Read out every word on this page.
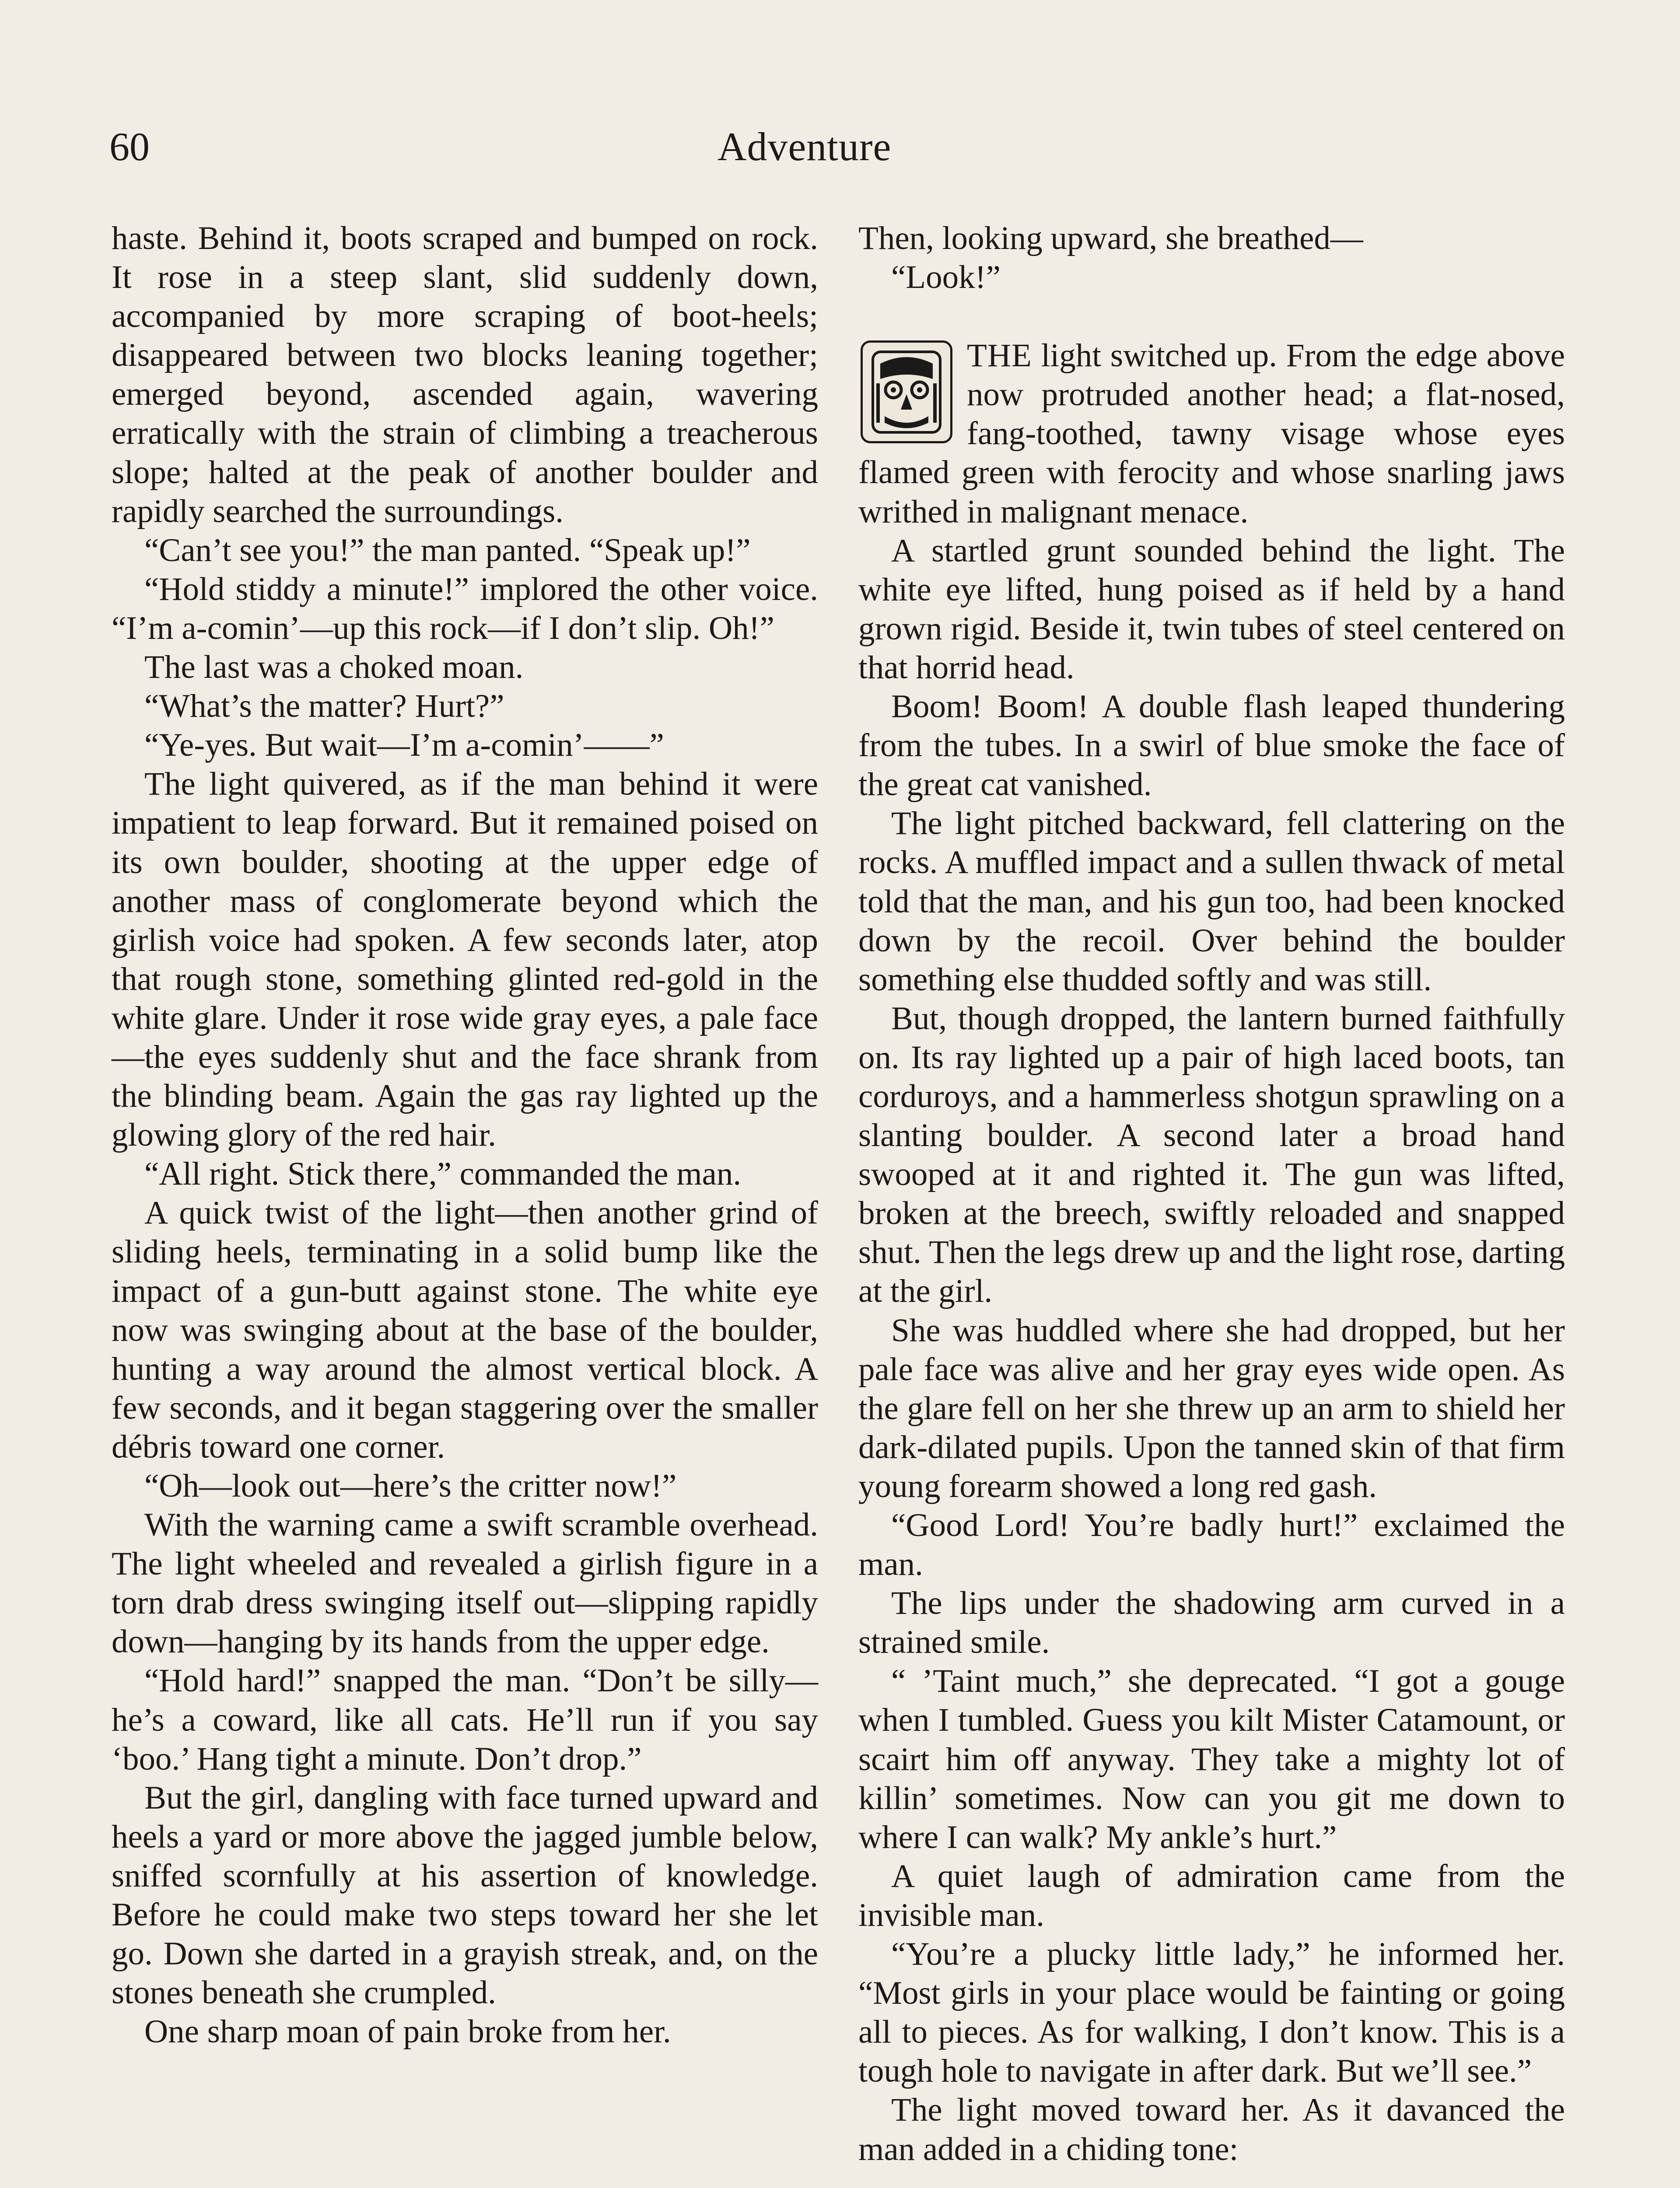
60	Adventure

haste. Behind it, boots scraped and bumped on rock. It rose in a steep slant, slid suddenly down, accompanied by more scraping of boot-heels; disappeared between two blocks leaning together; emerged beyond, ascended again, wavering erratically with the strain of climbing a treacherous slope; halted at the peak of another boulder and rapidly searched the surroundings.

“Can’t see you!” the man panted. “Speak up!”

“Hold stiddy a minute!” implored the other voice. “I’m a-comin’—up this rock—if I don’t slip. Oh!”

The last was a choked moan.

“What’s the matter? Hurt?”

“Ye-yes. But wait—I’m a-comin’——”

The light quivered, as if the man behind it were impatient to leap forward. But it remained poised on its own boulder, shooting at the upper edge of another mass of conglomerate beyond which the girlish voice had spoken. A few seconds later, atop that rough stone, something glinted red-gold in the white glare. Under it rose wide gray eyes, a pale face—the eyes suddenly shut and the face shrank from the blinding beam. Again the gas ray lighted up the glowing glory of the red hair.

“All right. Stick there,” commanded the man.

A quick twist of the light—then another grind of sliding heels, terminating in a solid bump like the impact of a gun-butt against stone. The white eye now was swinging about at the base of the boulder, hunting a way around the almost vertical block. A few seconds, and it began staggering over the smaller débris toward one corner.

“Oh—look out—here’s the critter now!”

With the warning came a swift scramble overhead. The light wheeled and revealed a girlish figure in a torn drab dress swinging itself out—slipping rapidly down—hanging by its hands from the upper edge.

“Hold hard!” snapped the man. “Don’t be silly—he’s a coward, like all cats. He’ll run if you say ‘boo.’ Hang tight a minute. Don’t drop.”

But the girl, dangling with face turned upward and heels a yard or more above the jagged jumble below, sniffed scornfully at his assertion of knowledge. Before he could make two steps toward her she let go. Down she darted in a grayish streak, and, on the stones beneath she crumpled.

One sharp moan of pain broke from her.

Then, looking upward, she breathed—

“Look!”

THE light switched up. From the edge above now protruded another head; a flat-nosed, fang-toothed, tawny visage whose eyes flamed green with ferocity and whose snarling jaws writhed in malignant menace.

A startled grunt sounded behind the light. The white eye lifted, hung poised as if held by a hand grown rigid. Beside it, twin tubes of steel centered on that horrid head.

Boom! Boom! A double flash leaped thundering from the tubes. In a swirl of blue smoke the face of the great cat vanished.

The light pitched backward, fell clattering on the rocks. A muffled impact and a sullen thwack of metal told that the man, and his gun too, had been knocked down by the recoil. Over behind the boulder something else thudded softly and was still.

But, though dropped, the lantern burned faithfully on. Its ray lighted up a pair of high laced boots, tan corduroys, and a hammerless shotgun sprawling on a slanting boulder. A second later a broad hand swooped at it and righted it. The gun was lifted, broken at the breech, swiftly reloaded and snapped shut. Then the legs drew up and the light rose, darting at the girl.

She was huddled where she had dropped, but her pale face was alive and her gray eyes wide open. As the glare fell on her she threw up an arm to shield her dark-dilated pupils. Upon the tanned skin of that firm young forearm showed a long red gash.

“Good Lord! You’re badly hurt!” exclaimed the man.

The lips under the shadowing arm curved in a strained smile.

“ ’Taint much,” she deprecated. “I got a gouge when I tumbled. Guess you kilt Mister Catamount, or scairt him off anyway. They take a mighty lot of killin’ sometimes. Now can you git me down to where I can walk? My ankle’s hurt.”

A quiet laugh of admiration came from the invisible man.

“You’re a plucky little lady,” he informed her. “Most girls in your place would be fainting or going all to pieces. As for walking, I don’t know. This is a tough hole to navigate in after dark. But we’ll see.”

The light moved toward her. As it davanced the man added in a chiding tone:
